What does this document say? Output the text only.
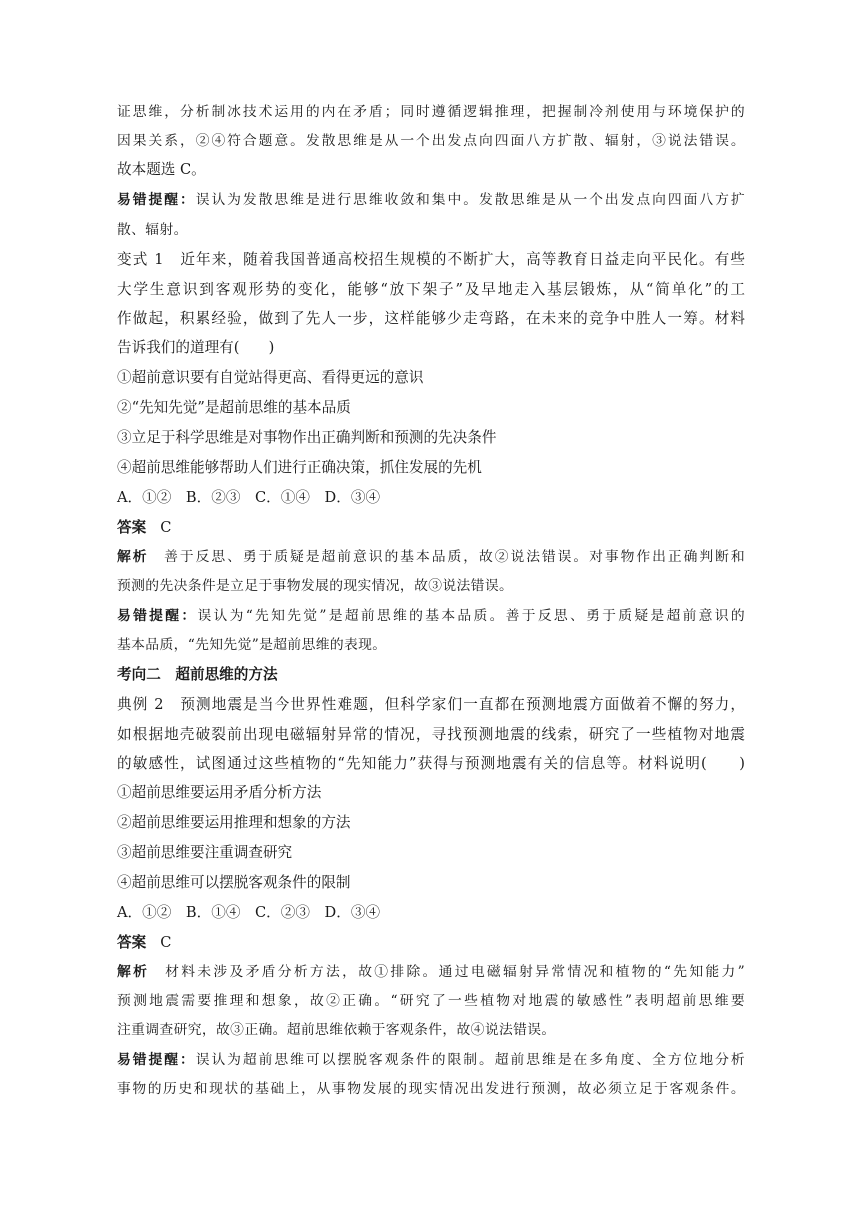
证思维，分析制冰技术运用的内在矛盾；同时遵循逻辑推理，把握制冷剂使用与环境保护的
因果关系，②④符合题意。发散思维是从一个出发点向四面八方扩散、辐射，③说法错误。
故本题选 C。
易错提醒：误认为发散思维是进行思维收敛和集中。发散思维是从一个出发点向四面八方扩
散、辐射。
变式 1　近年来，随着我国普通高校招生规模的不断扩大，高等教育日益走向平民化。有些
大学生意识到客观形势的变化，能够“放下架子”及早地走入基层锻炼，从“简单化”的工
作做起，积累经验，做到了先人一步，这样能够少走弯路，在未来的竞争中胜人一筹。材料
告诉我们的道理有(　　)
①超前意识要有自觉站得更高、看得更远的意识
②“先知先觉”是超前思维的基本品质
③立足于科学思维是对事物作出正确判断和预测的先决条件
④超前思维能够帮助人们进行正确决策，抓住发展的先机
A．①②　B．②③　C．①④　D．③④
答案 C
解析 善于反思、勇于质疑是超前意识的基本品质，故②说法错误。对事物作出正确判断和
预测的先决条件是立足于事物发展的现实情况，故③说法错误。
易错提醒：误认为“先知先觉”是超前思维的基本品质。善于反思、勇于质疑是超前意识的
基本品质，“先知先觉”是超前思维的表现。
考向二　超前思维的方法
典例 2　预测地震是当今世界性难题，但科学家们一直都在预测地震方面做着不懈的努力，
如根据地壳破裂前出现电磁辐射异常的情况，寻找预测地震的线索，研究了一些植物对地震
的敏感性，试图通过这些植物的“先知能力”获得与预测地震有关的信息等。材料说明(　　)
①超前思维要运用矛盾分析方法
②超前思维要运用推理和想象的方法
③超前思维要注重调查研究
④超前思维可以摆脱客观条件的限制
A．①②　B．①④　C．②③　D．③④
答案 C
解析 材料未涉及矛盾分析方法，故①排除。通过电磁辐射异常情况和植物的“先知能力”
预测地震需要推理和想象，故②正确。“研究了一些植物对地震的敏感性”表明超前思维要
注重调查研究，故③正确。超前思维依赖于客观条件，故④说法错误。
易错提醒：误认为超前思维可以摆脱客观条件的限制。超前思维是在多角度、全方位地分析
事物的历史和现状的基础上，从事物发展的现实情况出发进行预测，故必须立足于客观条件。
